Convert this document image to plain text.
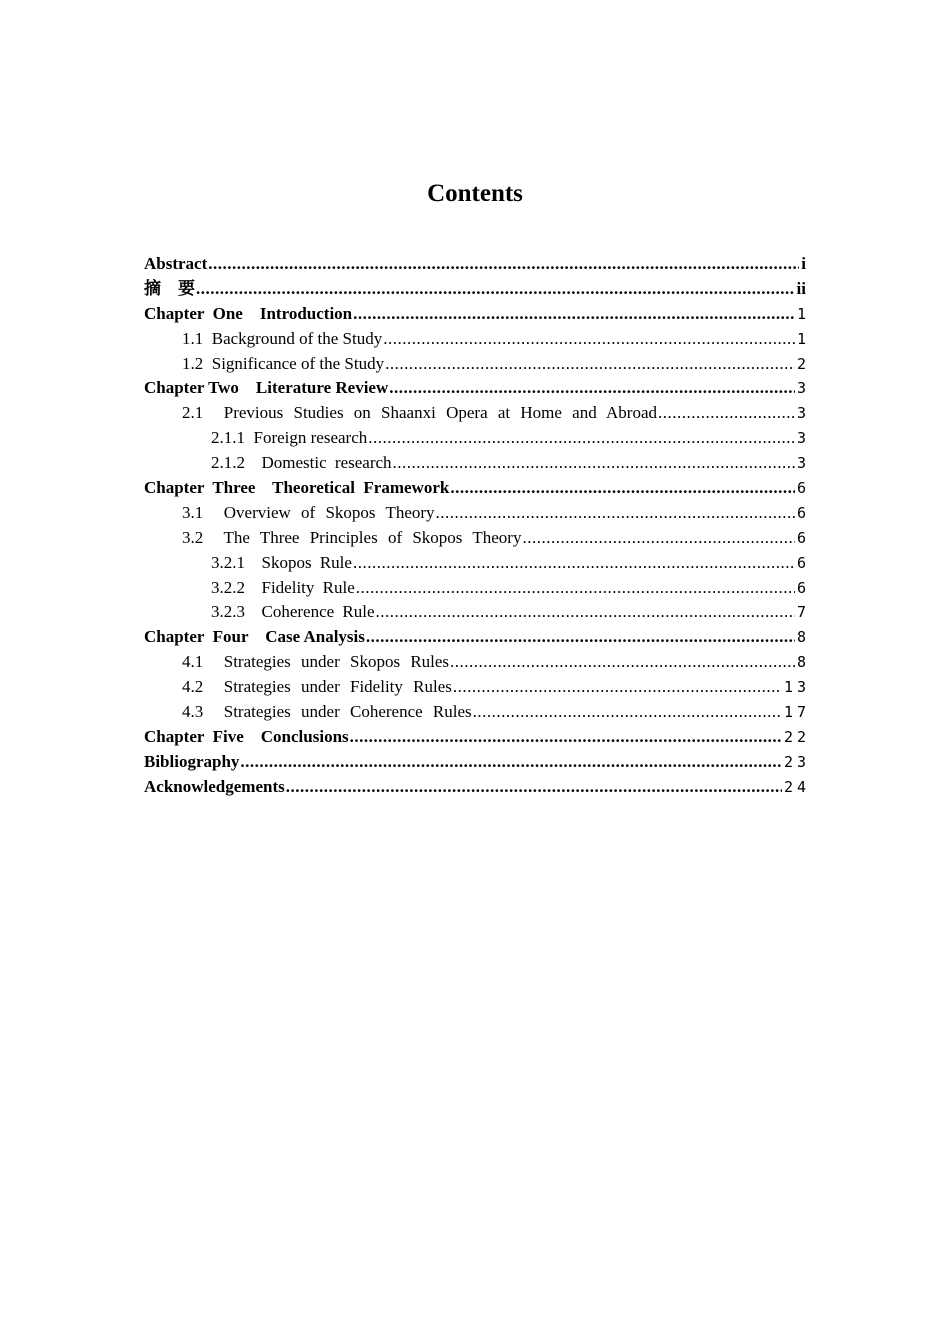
Contents
Abstract .....	i
摘　要 .....	ii
Chapter  One    Introduction .....	1
1.1  Background of the Study .....	1
1.2  Significance of the Study .....	2
Chapter Two    Literature Review .....	3
2.1  Previous Studies on Shaanxi Opera at Home and Abroad .....	3
2.1.1  Foreign research .....	3
2.1.2  Domestic research .....	3
Chapter  Three    Theoretical  Framework .....	6
3.1  Overview of Skopos Theory .....	6
3.2  The Three Principles of Skopos Theory .....	6
3.2.1  Skopos Rule .....	6
3.2.2  Fidelity Rule .....	6
3.2.3  Coherence Rule .....	7
Chapter  Four    Case Analysis .....	8
4.1  Strategies under Skopos Rules .....	8
4.2  Strategies under Fidelity Rules .....	13
4.3  Strategies under Coherence Rules .....	17
Chapter  Five    Conclusions .....	22
Bibliography .....	23
Acknowledgements .....	24
